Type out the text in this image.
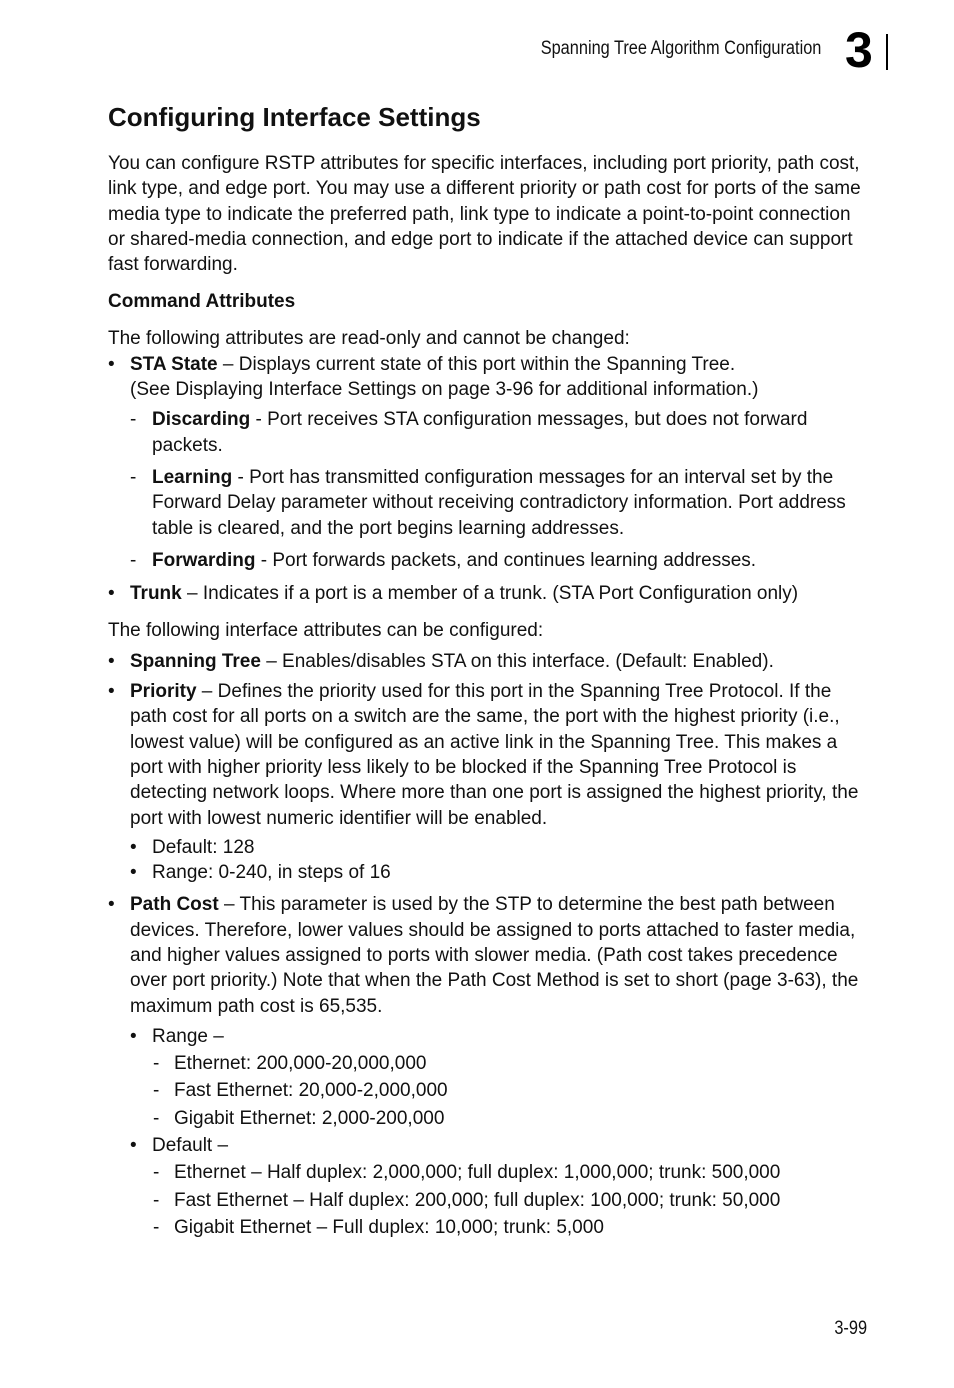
Spanning Tree Algorithm Configuration 3
Configuring Interface Settings

You can configure RSTP attributes for specific interfaces, including port priority, path cost, link type, and edge port. You may use a different priority or path cost for ports of the same media type to indicate the preferred path, link type to indicate a point-to-point connection or shared-media connection, and edge port to indicate if the attached device can support fast forwarding.

Command Attributes

The following attributes are read-only and cannot be changed:

• STA State – Displays current state of this port within the Spanning Tree.
(See Displaying Interface Settings on page 3-96 for additional information.)
- Discarding - Port receives STA configuration messages, but does not forward packets.
- Learning - Port has transmitted configuration messages for an interval set by the Forward Delay parameter without receiving contradictory information. Port address table is cleared, and the port begins learning addresses.
- Forwarding - Port forwards packets, and continues learning addresses.
• Trunk – Indicates if a port is a member of a trunk. (STA Port Configuration only)

The following interface attributes can be configured:

• Spanning Tree – Enables/disables STA on this interface. (Default: Enabled).
• Priority – Defines the priority used for this port in the Spanning Tree Protocol. If the path cost for all ports on a switch are the same, the port with the highest priority (i.e., lowest value) will be configured as an active link in the Spanning Tree. This makes a port with higher priority less likely to be blocked if the Spanning Tree Protocol is detecting network loops. Where more than one port is assigned the highest priority, the port with lowest numeric identifier will be enabled.
• Default: 128
• Range: 0-240, in steps of 16
• Path Cost – This parameter is used by the STP to determine the best path between devices. Therefore, lower values should be assigned to ports attached to faster media, and higher values assigned to ports with slower media. (Path cost takes precedence over port priority.) Note that when the Path Cost Method is set to short (page 3-63), the maximum path cost is 65,535.
• Range –
- Ethernet: 200,000-20,000,000
- Fast Ethernet: 20,000-2,000,000
- Gigabit Ethernet: 2,000-200,000
• Default –
- Ethernet – Half duplex: 2,000,000; full duplex: 1,000,000; trunk: 500,000
- Fast Ethernet – Half duplex: 200,000; full duplex: 100,000; trunk: 50,000
- Gigabit Ethernet – Full duplex: 10,000; trunk: 5,000
3-99
